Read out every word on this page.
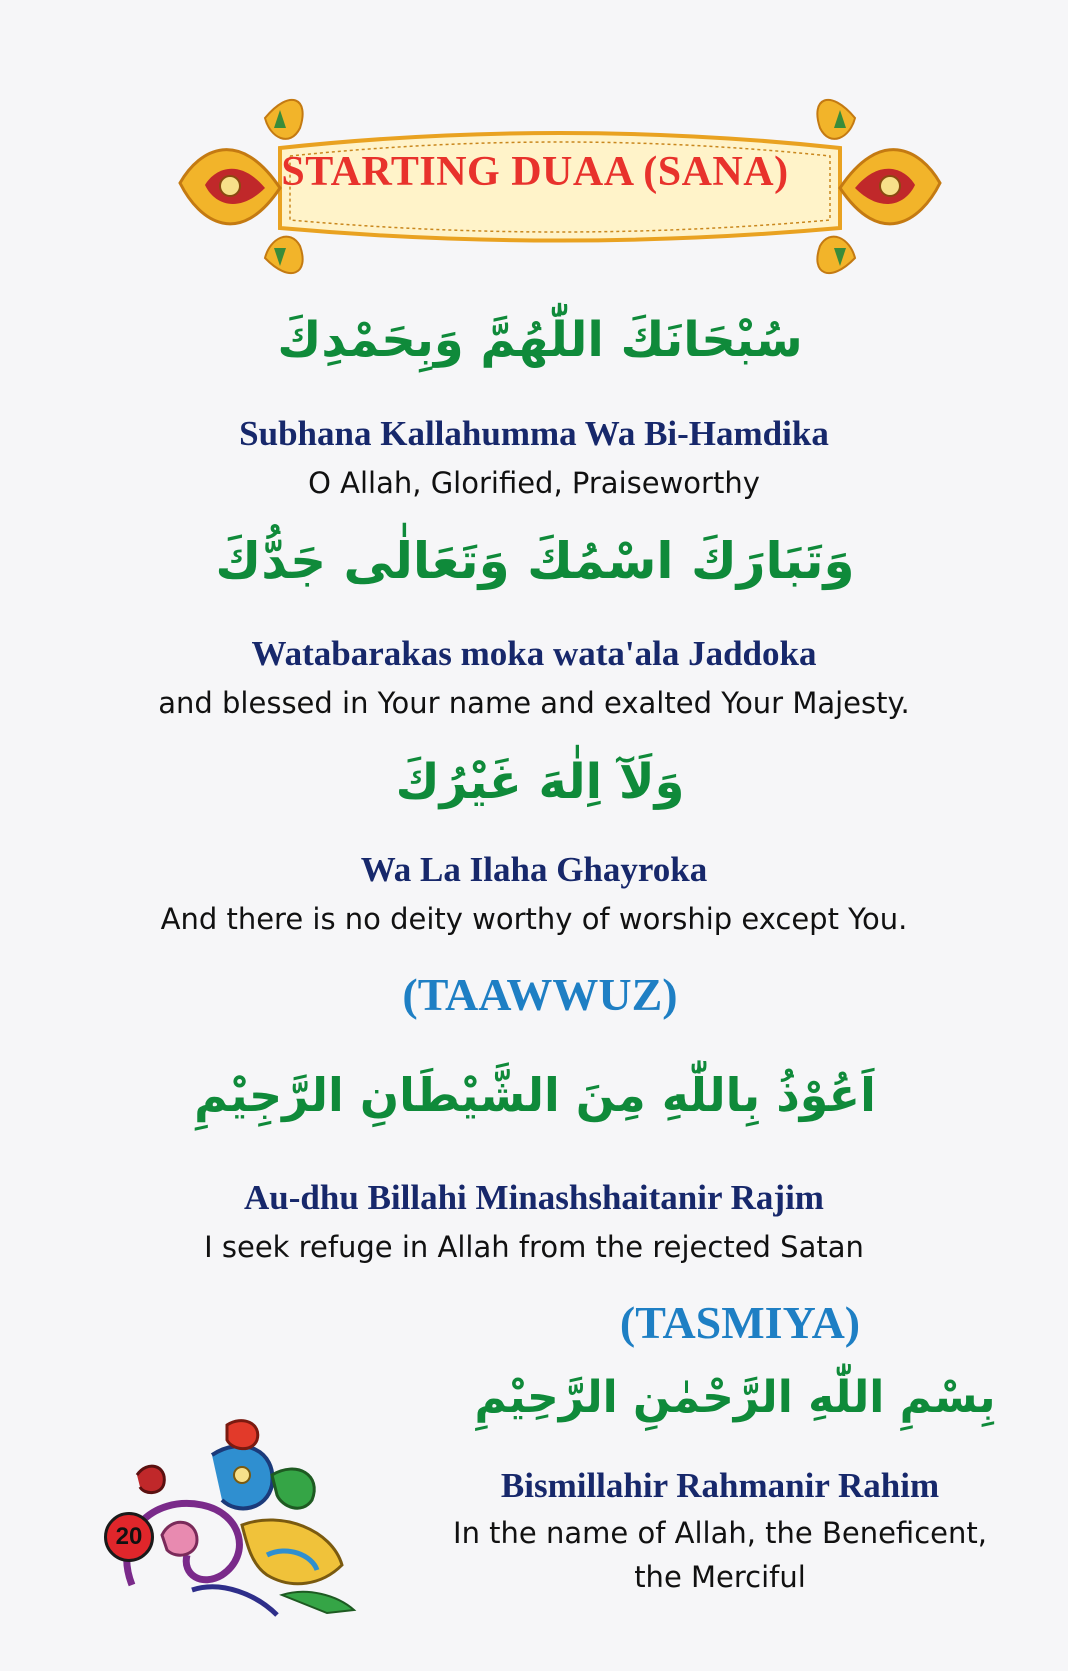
STARTING DUAA (SANA)
سُبْحَانَكَ اللّٰهُمَّ وَبِحَمْدِكَ
Subhana Kallahumma Wa Bi-Hamdika
O Allah, Glorified, Praiseworthy
وَتَبَارَكَ اسْمُكَ وَتَعَالٰى جَدُّكَ
Watabarakas moka wata'ala Jaddoka
and blessed in Your name and exalted Your Majesty.
وَلَآ اِلٰهَ غَيْرُكَ
Wa La Ilaha Ghayroka
And there is no deity worthy of worship except You.
(TAAWWUZ)
اَعُوْذُ بِاللّٰهِ مِنَ الشَّيْطَانِ الرَّجِيْمِ
Au-dhu Billahi Minashshaitanir Rajim
I seek refuge in Allah from the rejected Satan
(TASMIYA)
بِسْمِ اللّٰهِ الرَّحْمٰنِ الرَّحِيْمِ
Bismillahir Rahmanir Rahim
In the name of Allah, the Beneficent,
the Merciful
20
